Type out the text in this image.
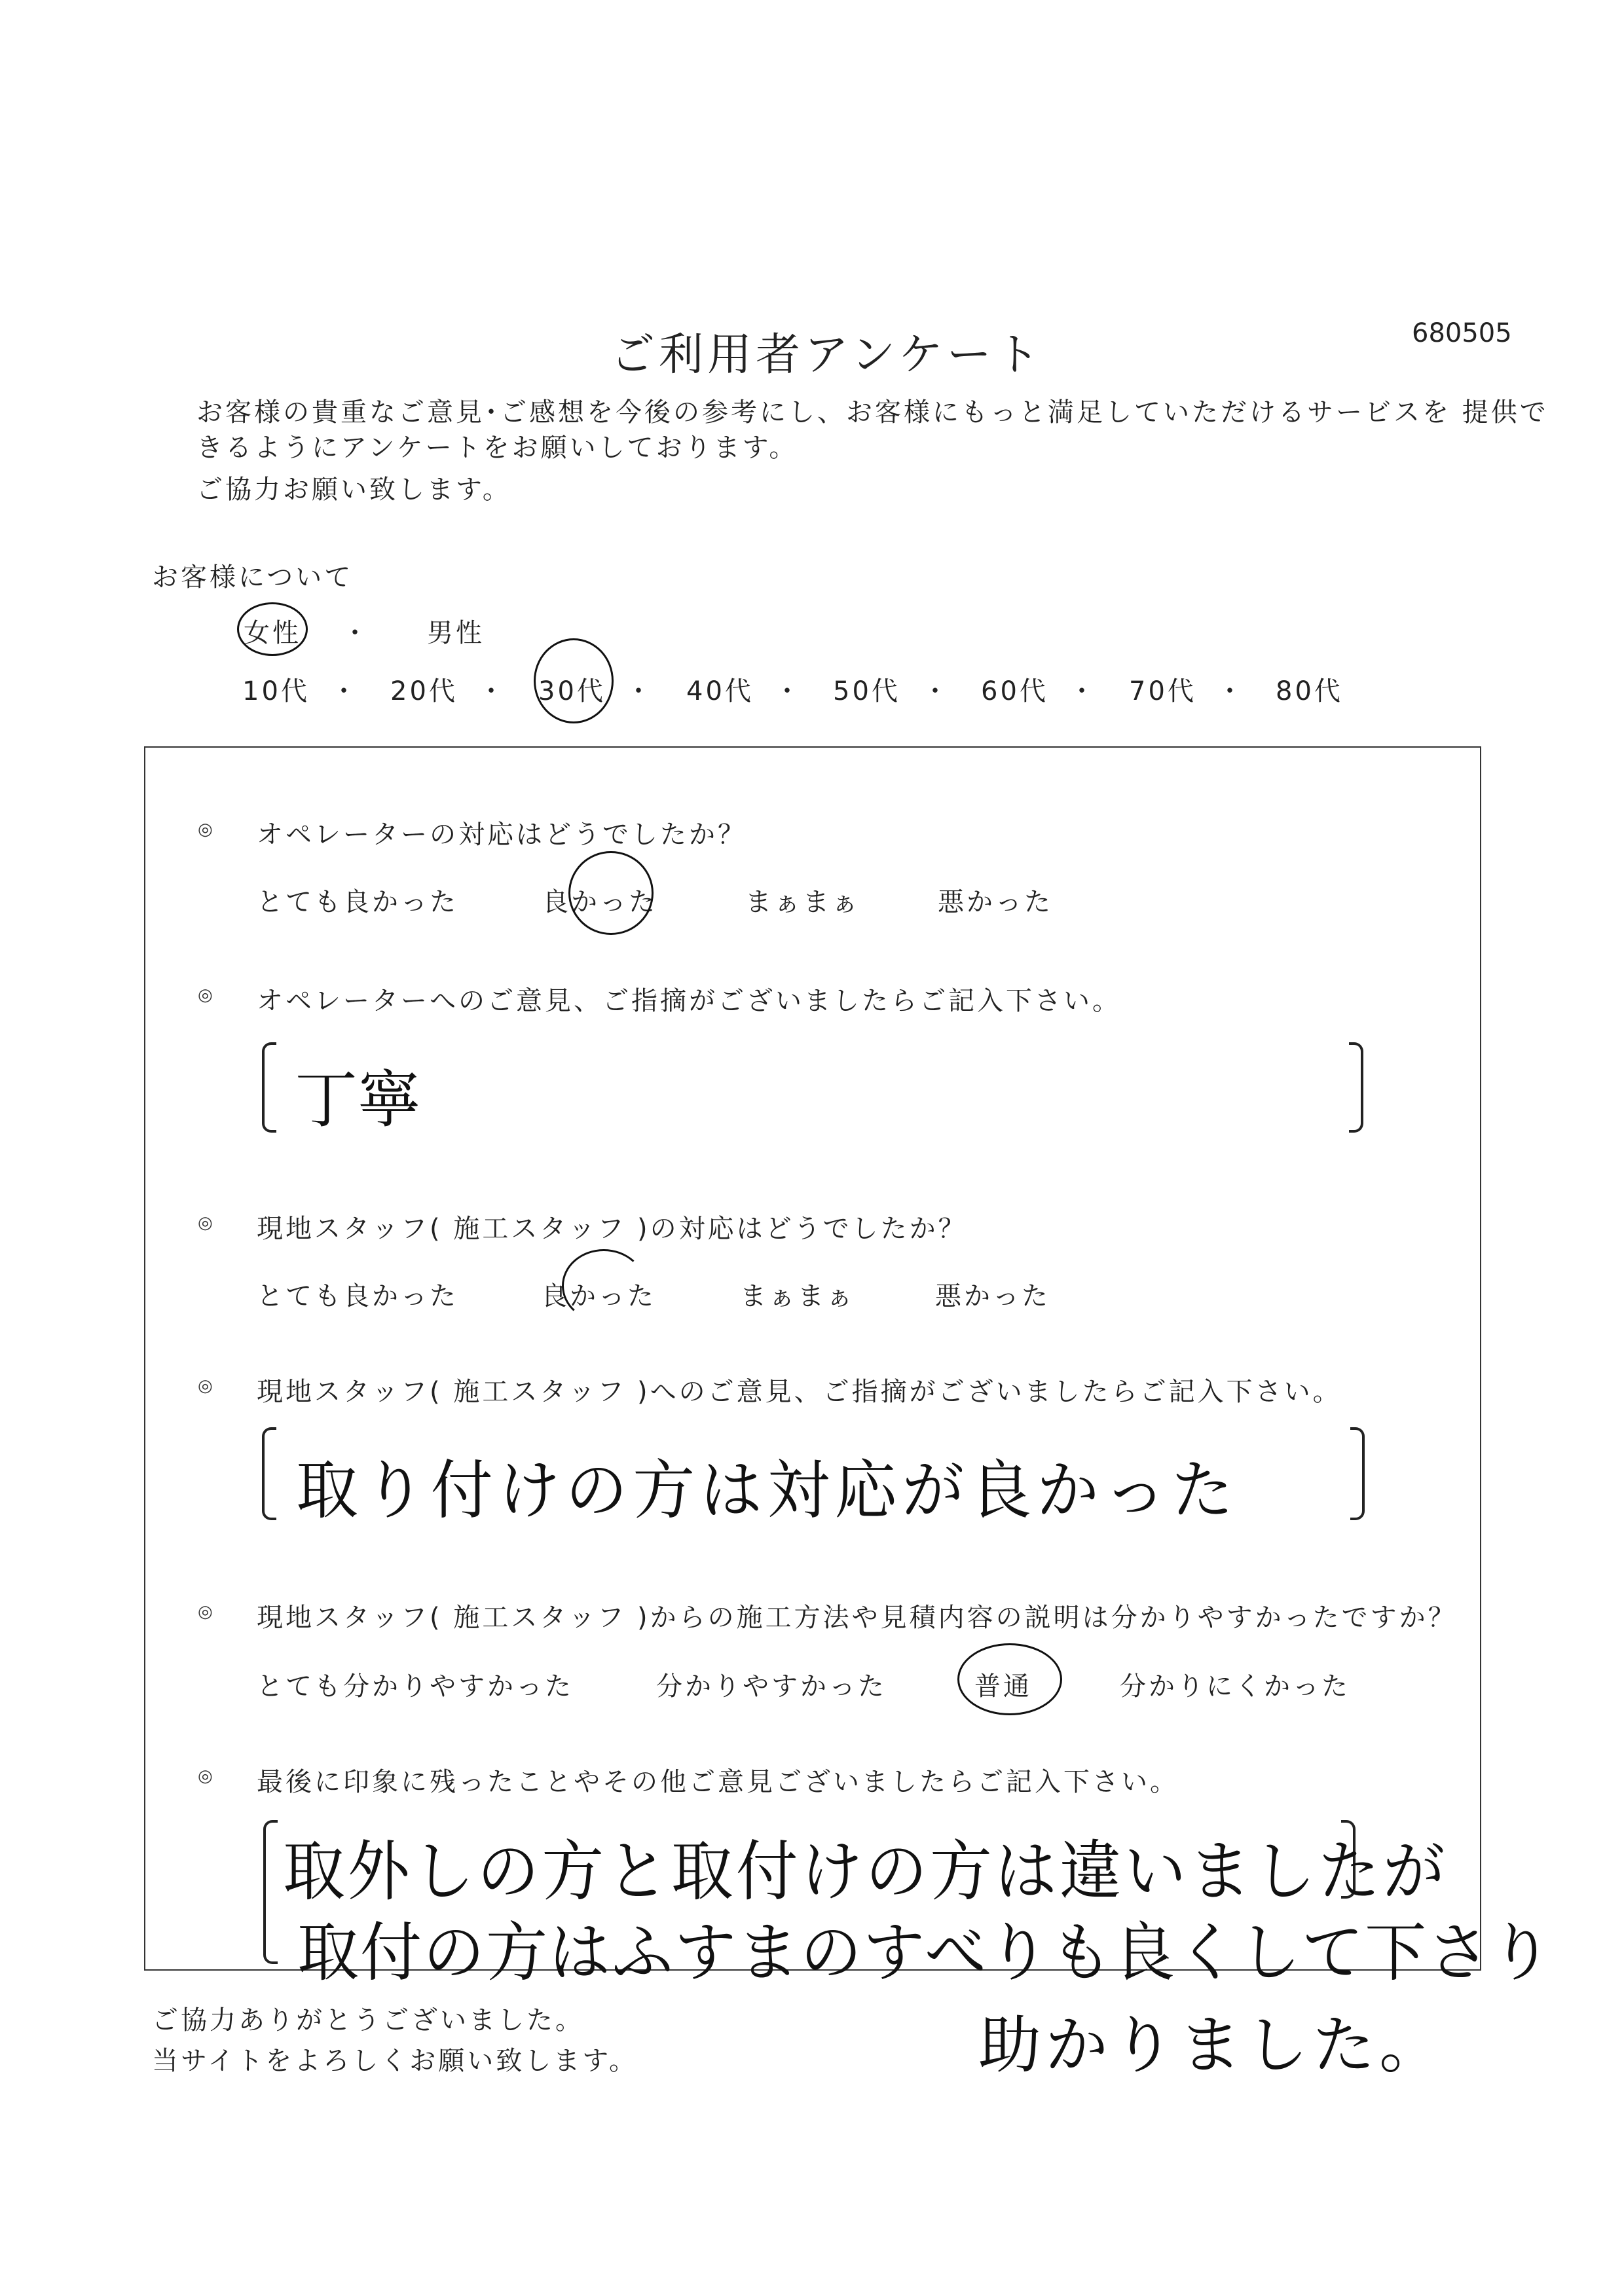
680505
ご利用者アンケート
お客様の貴重なご意見･ご感想を今後の参考にし、お客様にもっと満足していただけるサービスを 提供で
きるようにアンケートをお願いしております。
ご協力お願い致します。
お客様について
女性 ・ 男性
10代 ・ 20代 ・ 30代 ・ 40代 ・ 50代 ・ 60代 ・ 70代 ・ 80代
◎ オペレーターの対応はどうでしたか？
とても良かった	良かった	まぁまぁ	悪かった
◎ オペレーターへのご意見、ご指摘がございましたらご記入下さい。
丁寧
◎ 現地スタッフ( 施工スタッフ )の対応はどうでしたか？
とても良かった	良かった	まぁまぁ	悪かった
◎ 現地スタッフ( 施工スタッフ )へのご意見、ご指摘がございましたらご記入下さい。
取り付けの方は対応が良かった
◎ 現地スタッフ( 施工スタッフ )からの施工方法や見積内容の説明は分かりやすかったですか？
とても分かりやすかった	分かりやすかった	普通	分かりにくかった
◎ 最後に印象に残ったことやその他ご意見ございましたらご記入下さい。
取外しの方と取付けの方は違いましたが
取付の方はふすまのすべりも良くして下さり
助かりました。
ご協力ありがとうございました。
当サイトをよろしくお願い致します。
